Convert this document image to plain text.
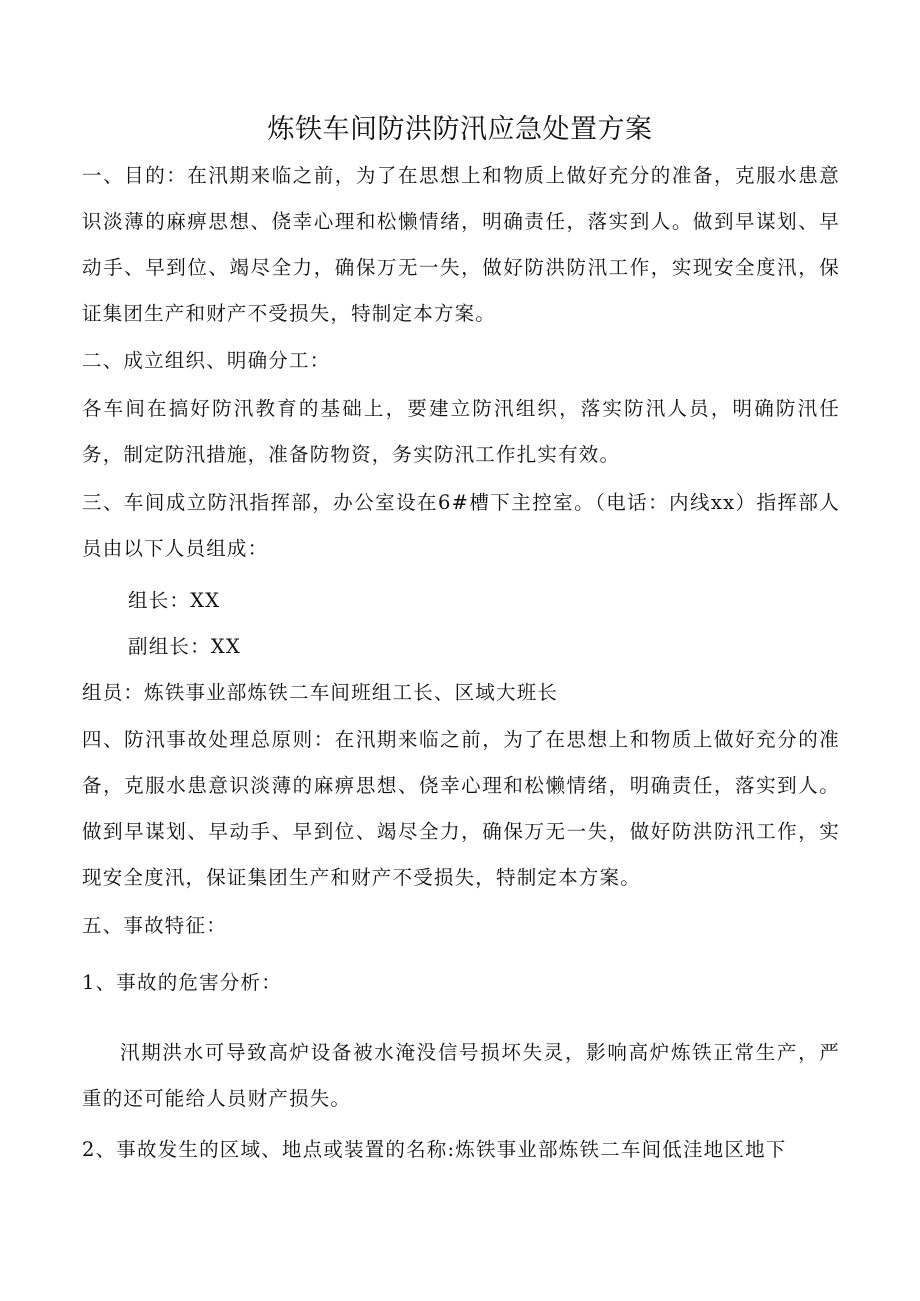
炼铁车间防洪防汛应急处置方案
一、目的：在汛期来临之前，为了在思想上和物质上做好充分的准备，克服水患意识淡薄的麻痹思想、侥幸心理和松懒情绪，明确责任，落实到人。做到早谋划、早动手、早到位、竭尽全力，确保万无一失，做好防洪防汛工作，实现安全度汛，保证集团生产和财产不受损失，特制定本方案。
二、成立组织、明确分工：
各车间在搞好防汛教育的基础上，要建立防汛组织，落实防汛人员，明确防汛任务，制定防汛措施，准备防物资，务实防汛工作扎实有效。
三、车间成立防汛指挥部，办公室设在6#槽下主控室。（电话：内线xx）指挥部人员由以下人员组成：
组长：XX
副组长：XX
组员：炼铁事业部炼铁二车间班组工长、区域大班长
四、防汛事故处理总原则：在汛期来临之前，为了在思想上和物质上做好充分的准备，克服水患意识淡薄的麻痹思想、侥幸心理和松懒情绪，明确责任，落实到人。做到早谋划、早动手、早到位、竭尽全力，确保万无一失，做好防洪防汛工作，实现安全度汛，保证集团生产和财产不受损失，特制定本方案。
五、事故特征：
1、事故的危害分析：
汛期洪水可导致高炉设备被水淹没信号损坏失灵，影响高炉炼铁正常生产，严重的还可能给人员财产损失。
2、事故发生的区域、地点或装置的名称:炼铁事业部炼铁二车间低洼地区地下
